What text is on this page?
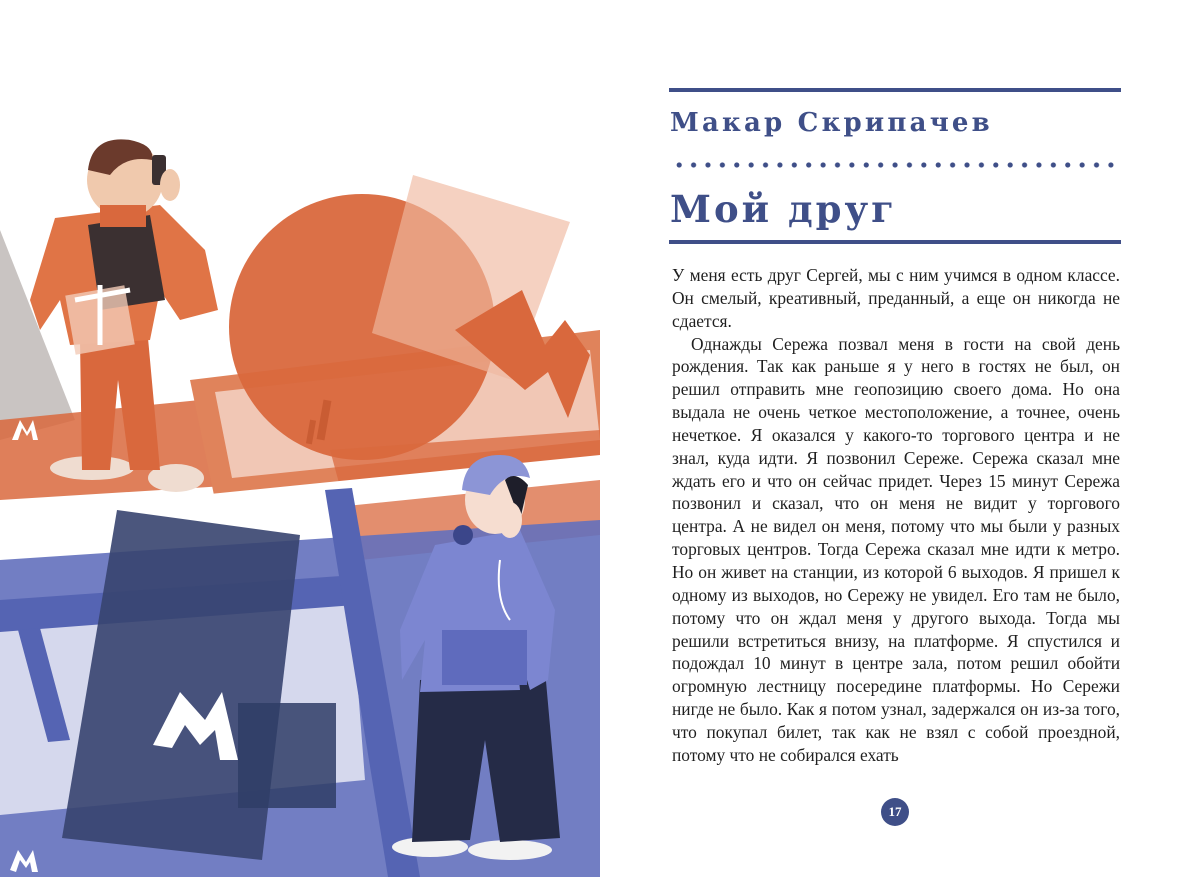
Макар Скрипачев
Мой друг

У меня есть друг Сергей, мы с ним учимся в одном классе. Он смелый, креативный, преданный, а еще он никогда не сдается.

Однажды Сережа позвал меня в гости на свой день рождения. Так как раньше я у него в гостях не был, он решил отправить мне геопозицию своего дома. Но она выдала не очень четкое местоположение, а точнее, очень нечеткое. Я оказался у какого-то торгового центра и не знал, куда идти. Я позвонил Сереже. Сережа сказал мне ждать его и что он сейчас придет. Через 15 минут Сережа позвонил и сказал, что он меня не видит у торгового центра. А не видел он меня, потому что мы были у разных торговых центров. Тогда Сережа сказал мне идти к метро. Но он живет на станции, из которой 6 выходов. Я пришел к одному из выходов, но Сережу не увидел. Его там не было, потому что он ждал меня у другого выхода. Тогда мы решили встретиться внизу, на платформе. Я спустился и подождал 10 минут в центре зала, потом решил обойти огромную лестницу посередине платформы. Но Сережи нигде не было. Как я потом узнал, задержался он из-за того, что покупал билет, так как не взял с собой проездной, потому что не собирался ехать

17
